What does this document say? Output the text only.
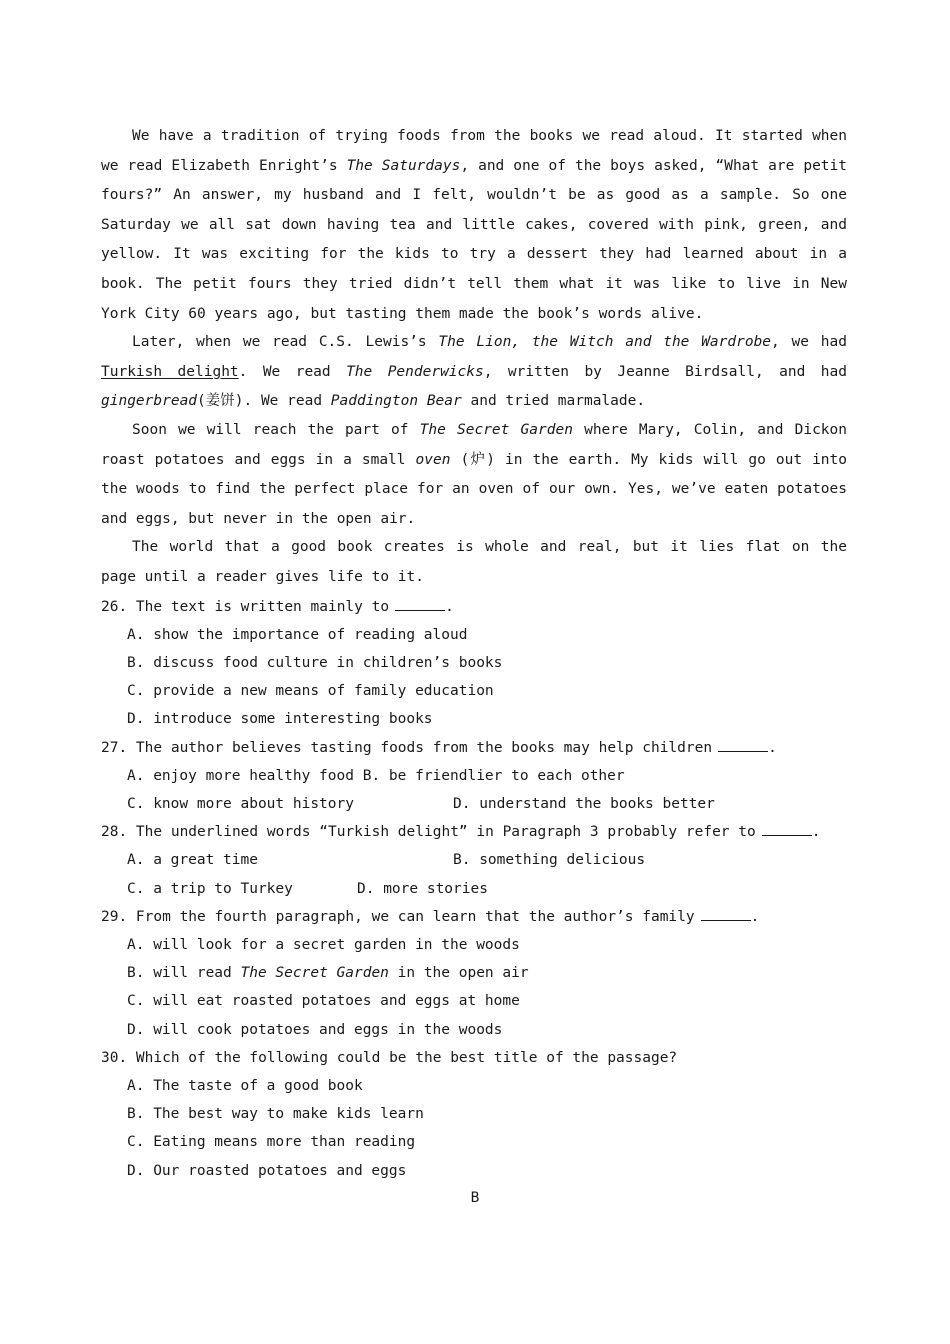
We have a tradition of trying foods from the books we read aloud. It started when we read Elizabeth Enright’s The Saturdays, and one of the boys asked, “What are petit fours?” An answer, my husband and I felt, wouldn’t be as good as a sample. So one Saturday we all sat down having tea and little cakes, covered with pink, green, and yellow. It was exciting for the kids to try a dessert they had learned about in a book. The petit fours they tried didn’t tell them what it was like to live in New York City 60 years ago, but tasting them made the book’s words alive.

Later, when we read C.S. Lewis’s The Lion, the Witch and the Wardrobe, we had Turkish delight. We read The Penderwicks, written by Jeanne Birdsall, and had gingerbread(姜饼). We read Paddington Bear and tried marmalade.

Soon we will reach the part of The Secret Garden where Mary, Colin, and Dickon roast potatoes and eggs in a small oven (炉) in the earth. My kids will go out into the woods to find the perfect place for an oven of our own. Yes, we’ve eaten potatoes and eggs, but never in the open air.

The world that a good book creates is whole and real, but it lies flat on the page until a reader gives life to it.

26. The text is written mainly to	.

A. show the importance of reading aloud

B. discuss food culture in children’s books

C. provide a new means of family education

D. introduce some interesting books

27. The author believes tasting foods from the books may help children	.

A. enjoy more healthy food B. be friendlier to each other

C. know more about history	D. understand the books better

28. The underlined words “Turkish delight” in Paragraph 3 probably refer to	.

A. a great time	B. something delicious

C. a trip to Turkey	D. more stories

29. From the fourth paragraph, we can learn that the author’s family	.

A. will look for a secret garden in the woods

B. will read The Secret Garden in the open air

C. will eat roasted potatoes and eggs at home

D. will cook potatoes and eggs in the woods

30. Which of the following could be the best title of the passage?

A. The taste of a good book

B. The best way to make kids learn

C. Eating means more than reading

D. Our roasted potatoes and eggs

B
